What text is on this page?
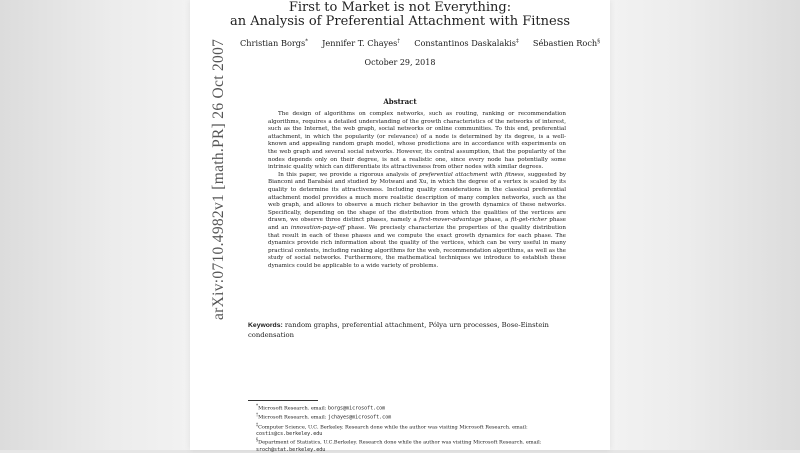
arXiv:0710.4982v1 [math.PR] 26 Oct 2007
First to Market is not Everything:
an Analysis of Preferential Attachment with Fitness
Christian Borgs* Jennifer T. Chayes† Constantinos Daskalakis‡ Sébastien Roch§
October 29, 2018
Abstract

The design of algorithms on complex networks, such as routing, ranking or recommendation algorithms, requires a detailed understanding of the growth characteristics of the networks of interest, such as the Internet, the web graph, social networks or online communities. To this end, preferential attachment, in which the popularity (or relevance) of a node is determined by its degree, is a well-known and appealing random graph model, whose predictions are in accordance with experiments on the web graph and several social networks. However, its central assumption, that the popularity of the nodes depends only on their degree, is not a realistic one, since every node has potentially some intrinsic quality which can differentiate its attractiveness from other nodes with similar degrees.

In this paper, we provide a rigorous analysis of preferential attachment with fitness, suggested by Bianconi and Barabási and studied by Motwani and Xu, in which the degree of a vertex is scaled by its quality to determine its attractiveness. Including quality considerations in the classical preferential attachment model provides a much more realistic description of many complex networks, such as the web graph, and allows to observe a much richer behavior in the growth dynamics of these networks. Specifically, depending on the shape of the distribution from which the qualities of the vertices are drawn, we observe three distinct phases, namely a first-mover-advantage phase, a fit-get-richer phase and an innovation-pays-off phase. We precisely characterize the properties of the quality distribution that result in each of these phases and we compute the exact growth dynamics for each phase. The dynamics provide rich information about the quality of the vertices, which can be very useful in many practical contexts, including ranking algorithms for the web, recommendation algorithms, as well as the study of social networks. Furthermore, the mathematical techniques we introduce to establish these dynamics could be applicable to a wide variety of problems.

Keywords: random graphs, preferential attachment, Pólya urn processes, Bose-Einstein condensation
*Microsoft Research. email: borgs@microsoft.com
†Microsoft Research. email: jchayes@microsoft.com
‡Computer Science, U.C. Berkeley. Research done while the author was visiting Microsoft Research. email: costis@cs.berkeley.edu
§Department of Statistics, U.C.Berkeley. Research done while the author was visiting Microsoft Research. email: sroch@stat.berkeley.edu
